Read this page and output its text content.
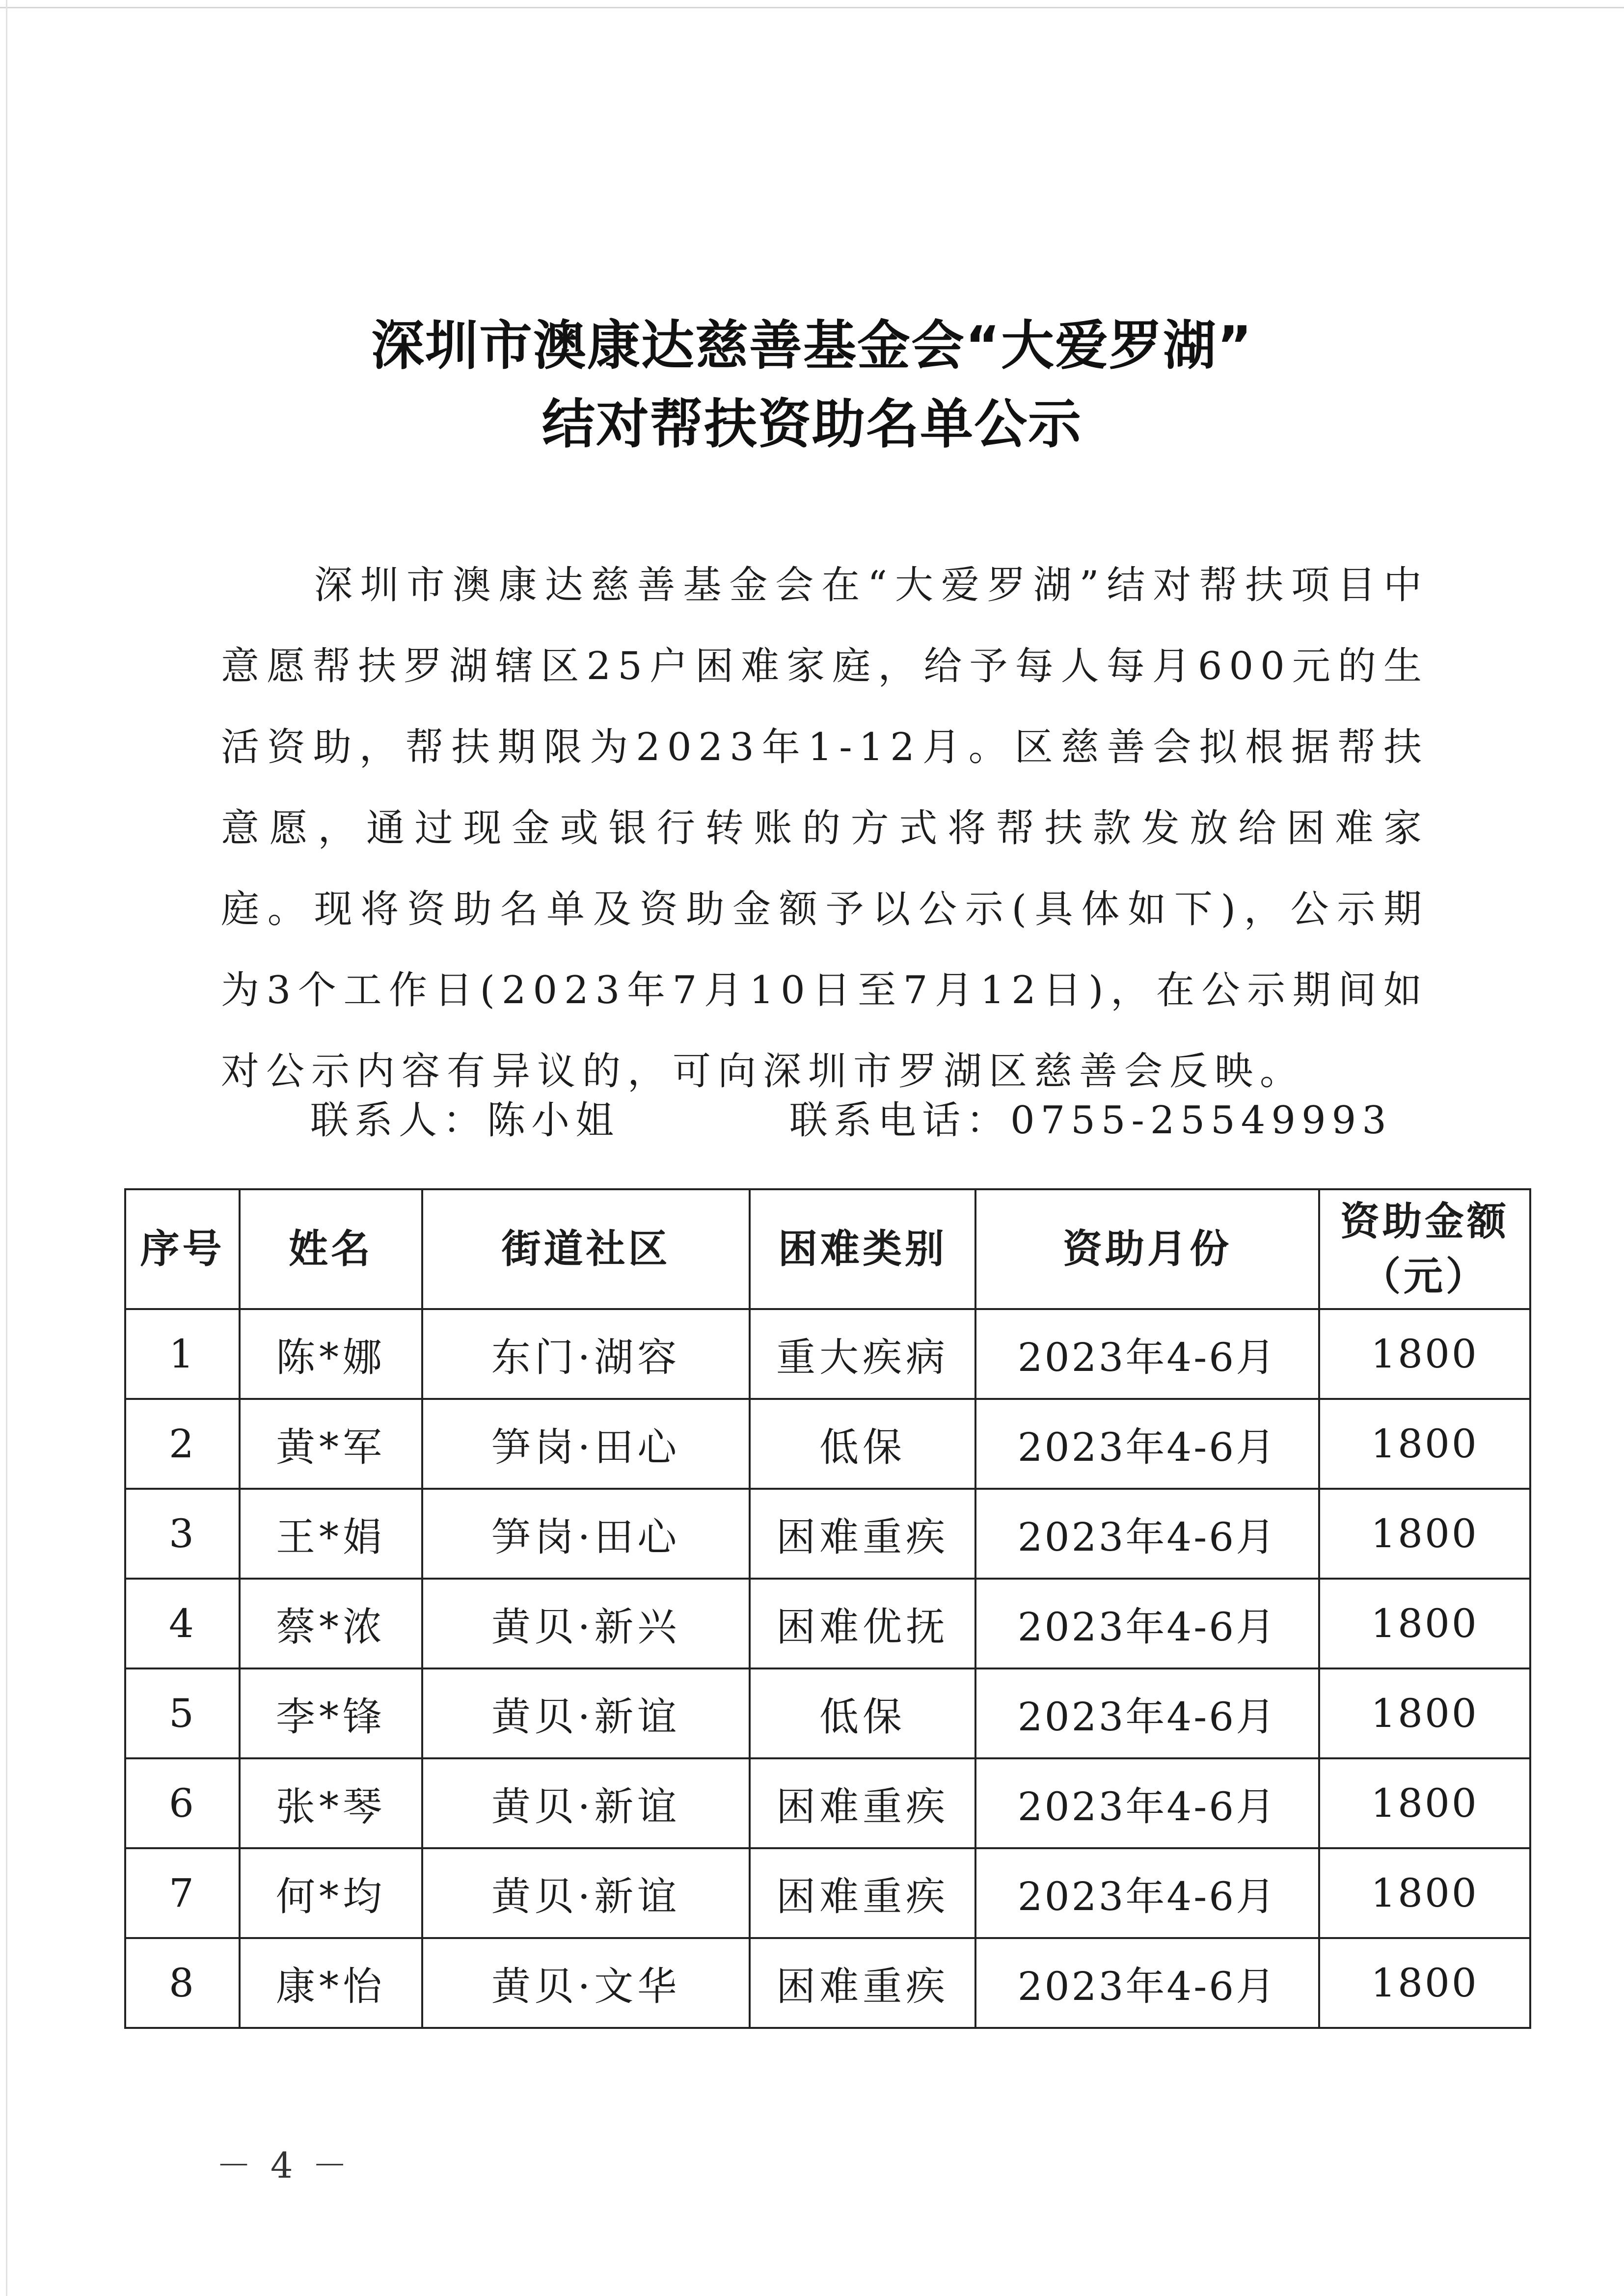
深圳市澳康达慈善基金会“大爱罗湖”
结对帮扶资助名单公示
深圳市澳康达慈善基金会在“大爱罗湖”结对帮扶项目中意愿帮扶罗湖辖区25户困难家庭，给予每人每月600元的生活资助，帮扶期限为2023年1-12月。区慈善会拟根据帮扶意愿，通过现金或银行转账的方式将帮扶款发放给困难家庭。现将资助名单及资助金额予以公示(具体如下)，公示期为3个工作日(2023年7月10日至7月12日)，在公示期间如对公示内容有异议的，可向深圳市罗湖区慈善会反映。
联系人：陈小姐	联系电话：0755-25549993
序号	姓名	街道社区	困难类别	资助月份	资助金额
（元）

1	陈*娜	东门·湖容	重大疾病	2023年4-6月	1800
2	黄*军	笋岗·田心	低保	2023年4-6月	1800
3	王*娟	笋岗·田心	困难重疾	2023年4-6月	1800
4	蔡*浓	黄贝·新兴	困难优抚	2023年4-6月	1800
5	李*锋	黄贝·新谊	低保	2023年4-6月	1800
6	张*琴	黄贝·新谊	困难重疾	2023年4-6月	1800
7	何*均	黄贝·新谊	困难重疾	2023年4-6月	1800
8	康*怡	黄贝·文华	困难重疾	2023年4-6月	1800
－ 4 －
